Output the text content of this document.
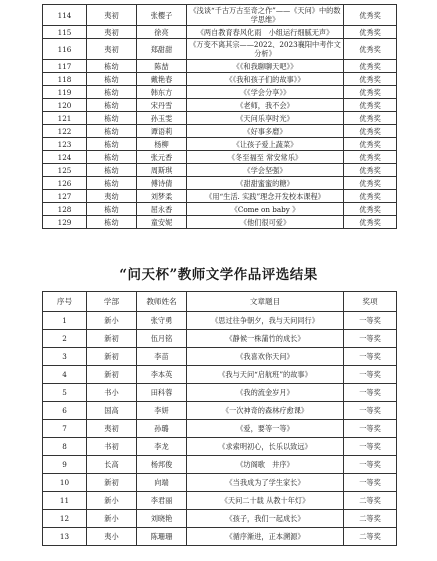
114	夷初	张樱子	《浅谈“千古万古至奇之作”——《天问》中的数学思维》	优秀奖
115	夷初	徐亮	《两自教育春风化雨　小组运行细腻无声》	优秀奖
116	夷初	郑甜甜	《万变不离其宗——2022、2023襄阳中考作文分析》	优秀奖
117	栋幼	陈喆	《《和我聊聊天吧》》	优秀奖
118	栋幼	戴艳春	《《我和孩子们的故事》》	优秀奖
119	栋幼	韩东方	《《学会分享》》	优秀奖
120	栋幼	宋丹雪	《老师，我不会》	优秀奖
121	栋幼	孙玉雯	《天问乐享时光》	优秀奖
122	栋幼	谭语莉	《好事多磨》	优秀奖
123	栋幼	杨柳	《让孩子爱上蔬菜》	优秀奖
124	栋幼	张元香	《冬至福至 常安常乐》	优秀奖
125	栋幼	周斯琪	《学会坚强》	优秀奖
126	栋幼	傅诗倩	《甜甜蜜蜜的糖》	优秀奖
127	夷幼	刘梦柔	《用“生活. 实践”理念开发校本课程》	优秀奖
128	栋幼	屈永香	《Come on baby 》	优秀奖
129	栋幼	童安妮	《他们很可爱》	优秀奖
“问天杯”教师文学作品评选结果
序号	学部	教师姓名	文章题目	奖项
1	新小	张守勇	《思过往争朝夕，我与天问同行》	一等奖
2	新初	伍月铭	《静候一株蒲竹的成长》	一等奖
3	新初	李苗	《我喜欢你天问》	一等奖
4	新初	李本英	《我与天问“启航班”的故事》	一等奖
5	书小	田科蓉	《我的流金岁月》	一等奖
6	国高	李妍	《一次神奇的森林疗愈课》	一等奖
7	夷初	孙璐	《爱，要等一等》	一等奖
8	书初	李龙	《求索明初心，长乐以致远》	一等奖
9	长高	杨邦俊	《坊阁歌　井序》	一等奖
10	新初	向端	《当我成为了学生家长》	一等奖
11	新小	李君丽	《天问二十载 从教十年灯》	二等奖
12	新小	刘晓艳	《孩子，我们一起成长》	二等奖
13	夷小	陈珊珊	《循序渐进，正本溯源》	二等奖
